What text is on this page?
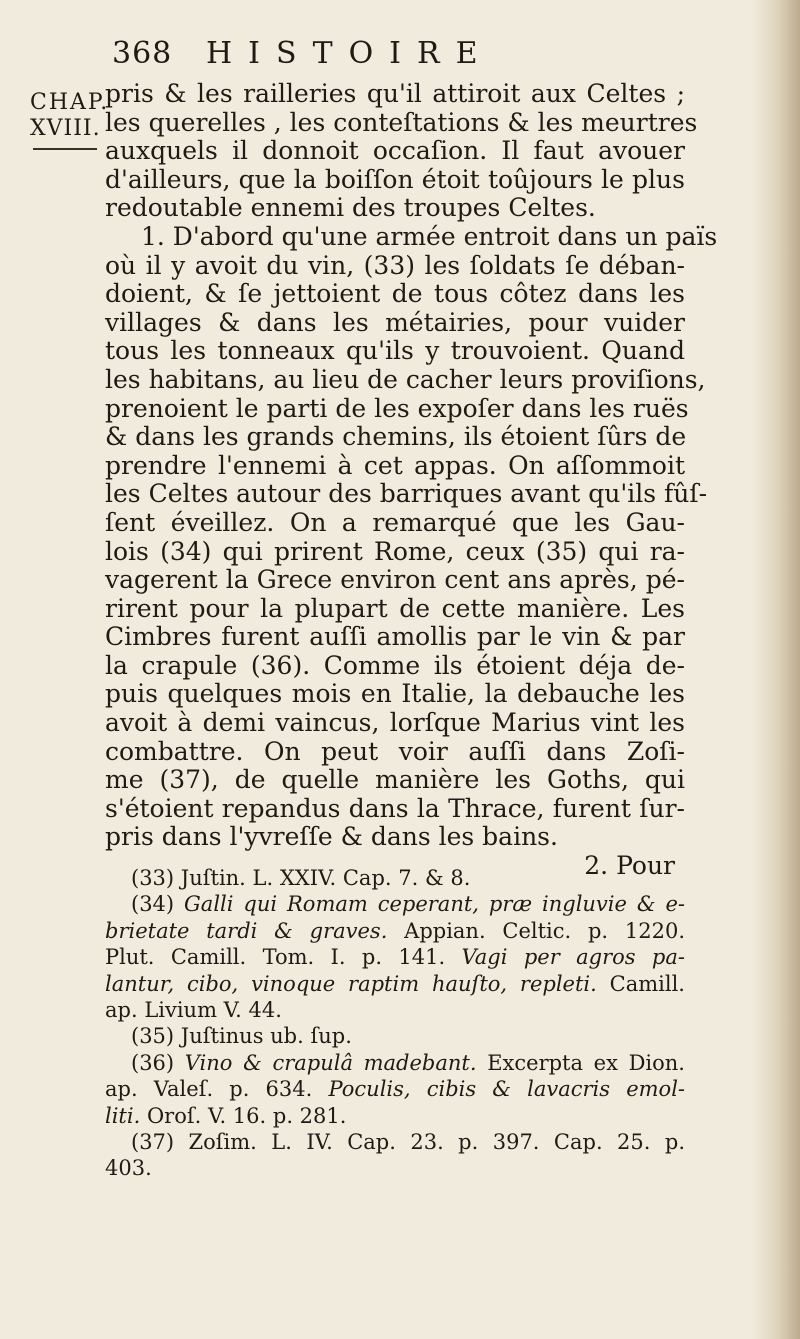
368 HISTOIRE
CHAP.
XVIII.
pris & les railleries qu'il attiroit aux Celtes ;
les querelles , les conteſtations & les meurtres
auxquels il donnoit occaſion. Il faut avouer
d'ailleurs, que la boiſſon étoit toûjours le plus
redoutable ennemi des troupes Celtes.
1. D'abord qu'une armée entroit dans un païs
où il y avoit du vin, (33) les ſoldats ſe déban-
doient, & ſe jettoient de tous côtez dans les
villages & dans les métairies, pour vuider
tous les tonneaux qu'ils y trouvoient. Quand
les habitans, au lieu de cacher leurs proviſions,
prenoient le parti de les expoſer dans les ruës
& dans les grands chemins, ils étoient ſûrs de
prendre l'ennemi à cet appas. On aſſommoit
les Celtes autour des barriques avant qu'ils fûſ-
ſent éveillez. On a remarqué que les Gau-
lois (34) qui prirent Rome, ceux (35) qui ra-
vagerent la Grece environ cent ans après, pé-
rirent pour la plupart de cette manière. Les
Cimbres furent auſſi amollis par le vin & par
la crapule (36). Comme ils étoient déja de-
puis quelques mois en Italie, la debauche les
avoit à demi vaincus, lorſque Marius vint les
combattre. On peut voir auſſi dans Zoſi-
me (37), de quelle manière les Goths, qui
s'étoient repandus dans la Thrace, furent ſur-
pris dans l'yvreſſe & dans les bains.
2. Pour
(33) Juſtin. L. XXIV. Cap. 7. & 8.
(34) Galli qui Romam ceperant, præ ingluvie & e-
brietate tardi & graves. Appian. Celtic. p. 1220.
Plut. Camill. Tom. I. p. 141. Vagi per agros pa-
lantur, cibo, vinoque raptim hauſto, repleti. Camill.
ap. Livium V. 44.
(35) Juſtinus ub. ſup.
(36) Vino & crapulâ madebant. Excerpta ex Dion.
ap. Valeſ. p. 634. Poculis, cibis & lavacris emol-
liti. Oroſ. V. 16. p. 281.
(37) Zoſim. L. IV. Cap. 23. p. 397. Cap. 25. p.
403.
